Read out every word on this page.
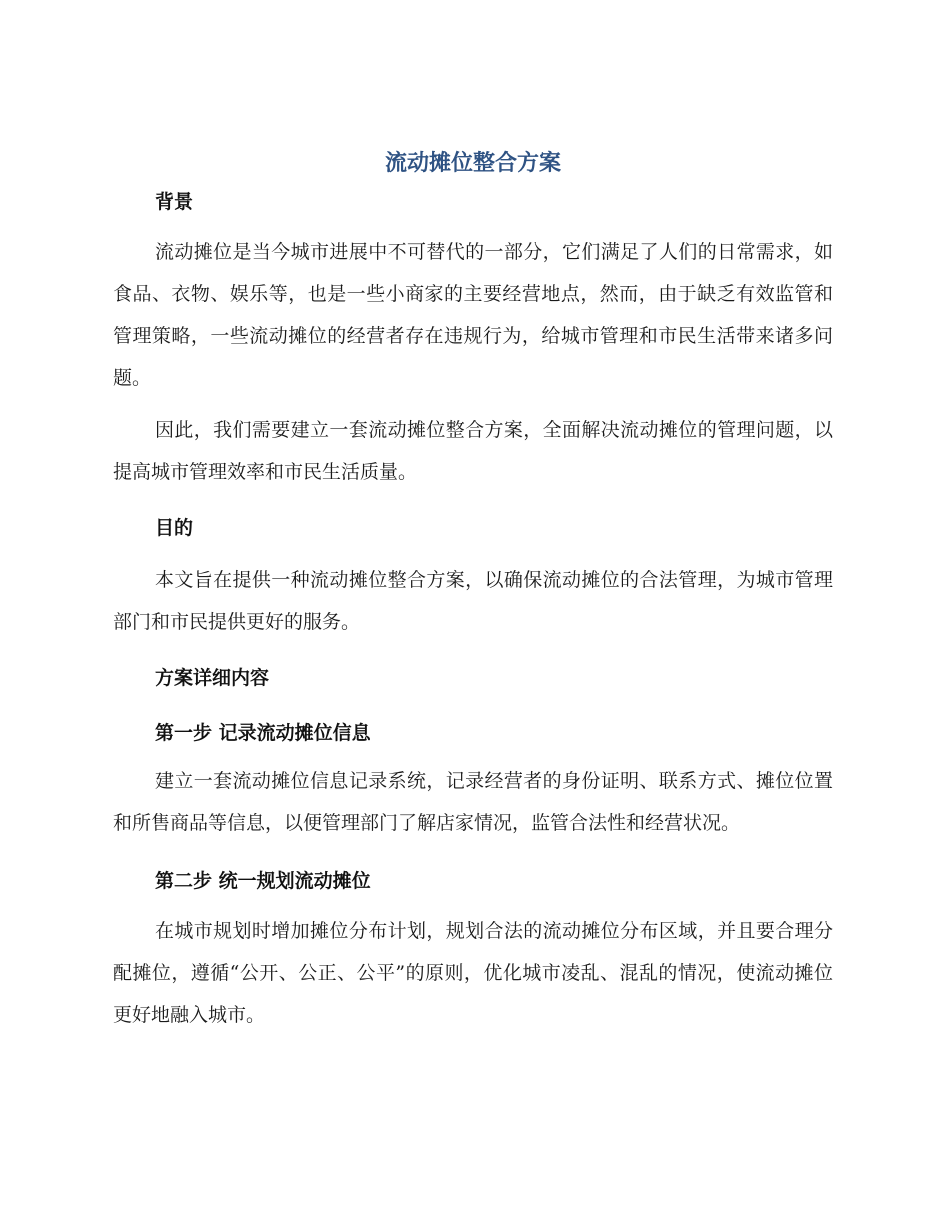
流动摊位整合方案
背景

流动摊位是当今城市进展中不可替代的一部分，它们满足了人们的日常需求，如食品、衣物、娱乐等，也是一些小商家的主要经营地点，然而，由于缺乏有效监管和管理策略，一些流动摊位的经营者存在违规行为，给城市管理和市民生活带来诸多问题。

因此，我们需要建立一套流动摊位整合方案，全面解决流动摊位的管理问题，以提高城市管理效率和市民生活质量。

目的

本文旨在提供一种流动摊位整合方案，以确保流动摊位的合法管理，为城市管理部门和市民提供更好的服务。

方案详细内容
第一步 记录流动摊位信息

建立一套流动摊位信息记录系统，记录经营者的身份证明、联系方式、摊位位置和所售商品等信息，以便管理部门了解店家情况，监管合法性和经营状况。

第二步 统一规划流动摊位

在城市规划时增加摊位分布计划，规划合法的流动摊位分布区域，并且要合理分配摊位，遵循“公开、公正、公平”的原则，优化城市凌乱、混乱的情况，使流动摊位更好地融入城市。
